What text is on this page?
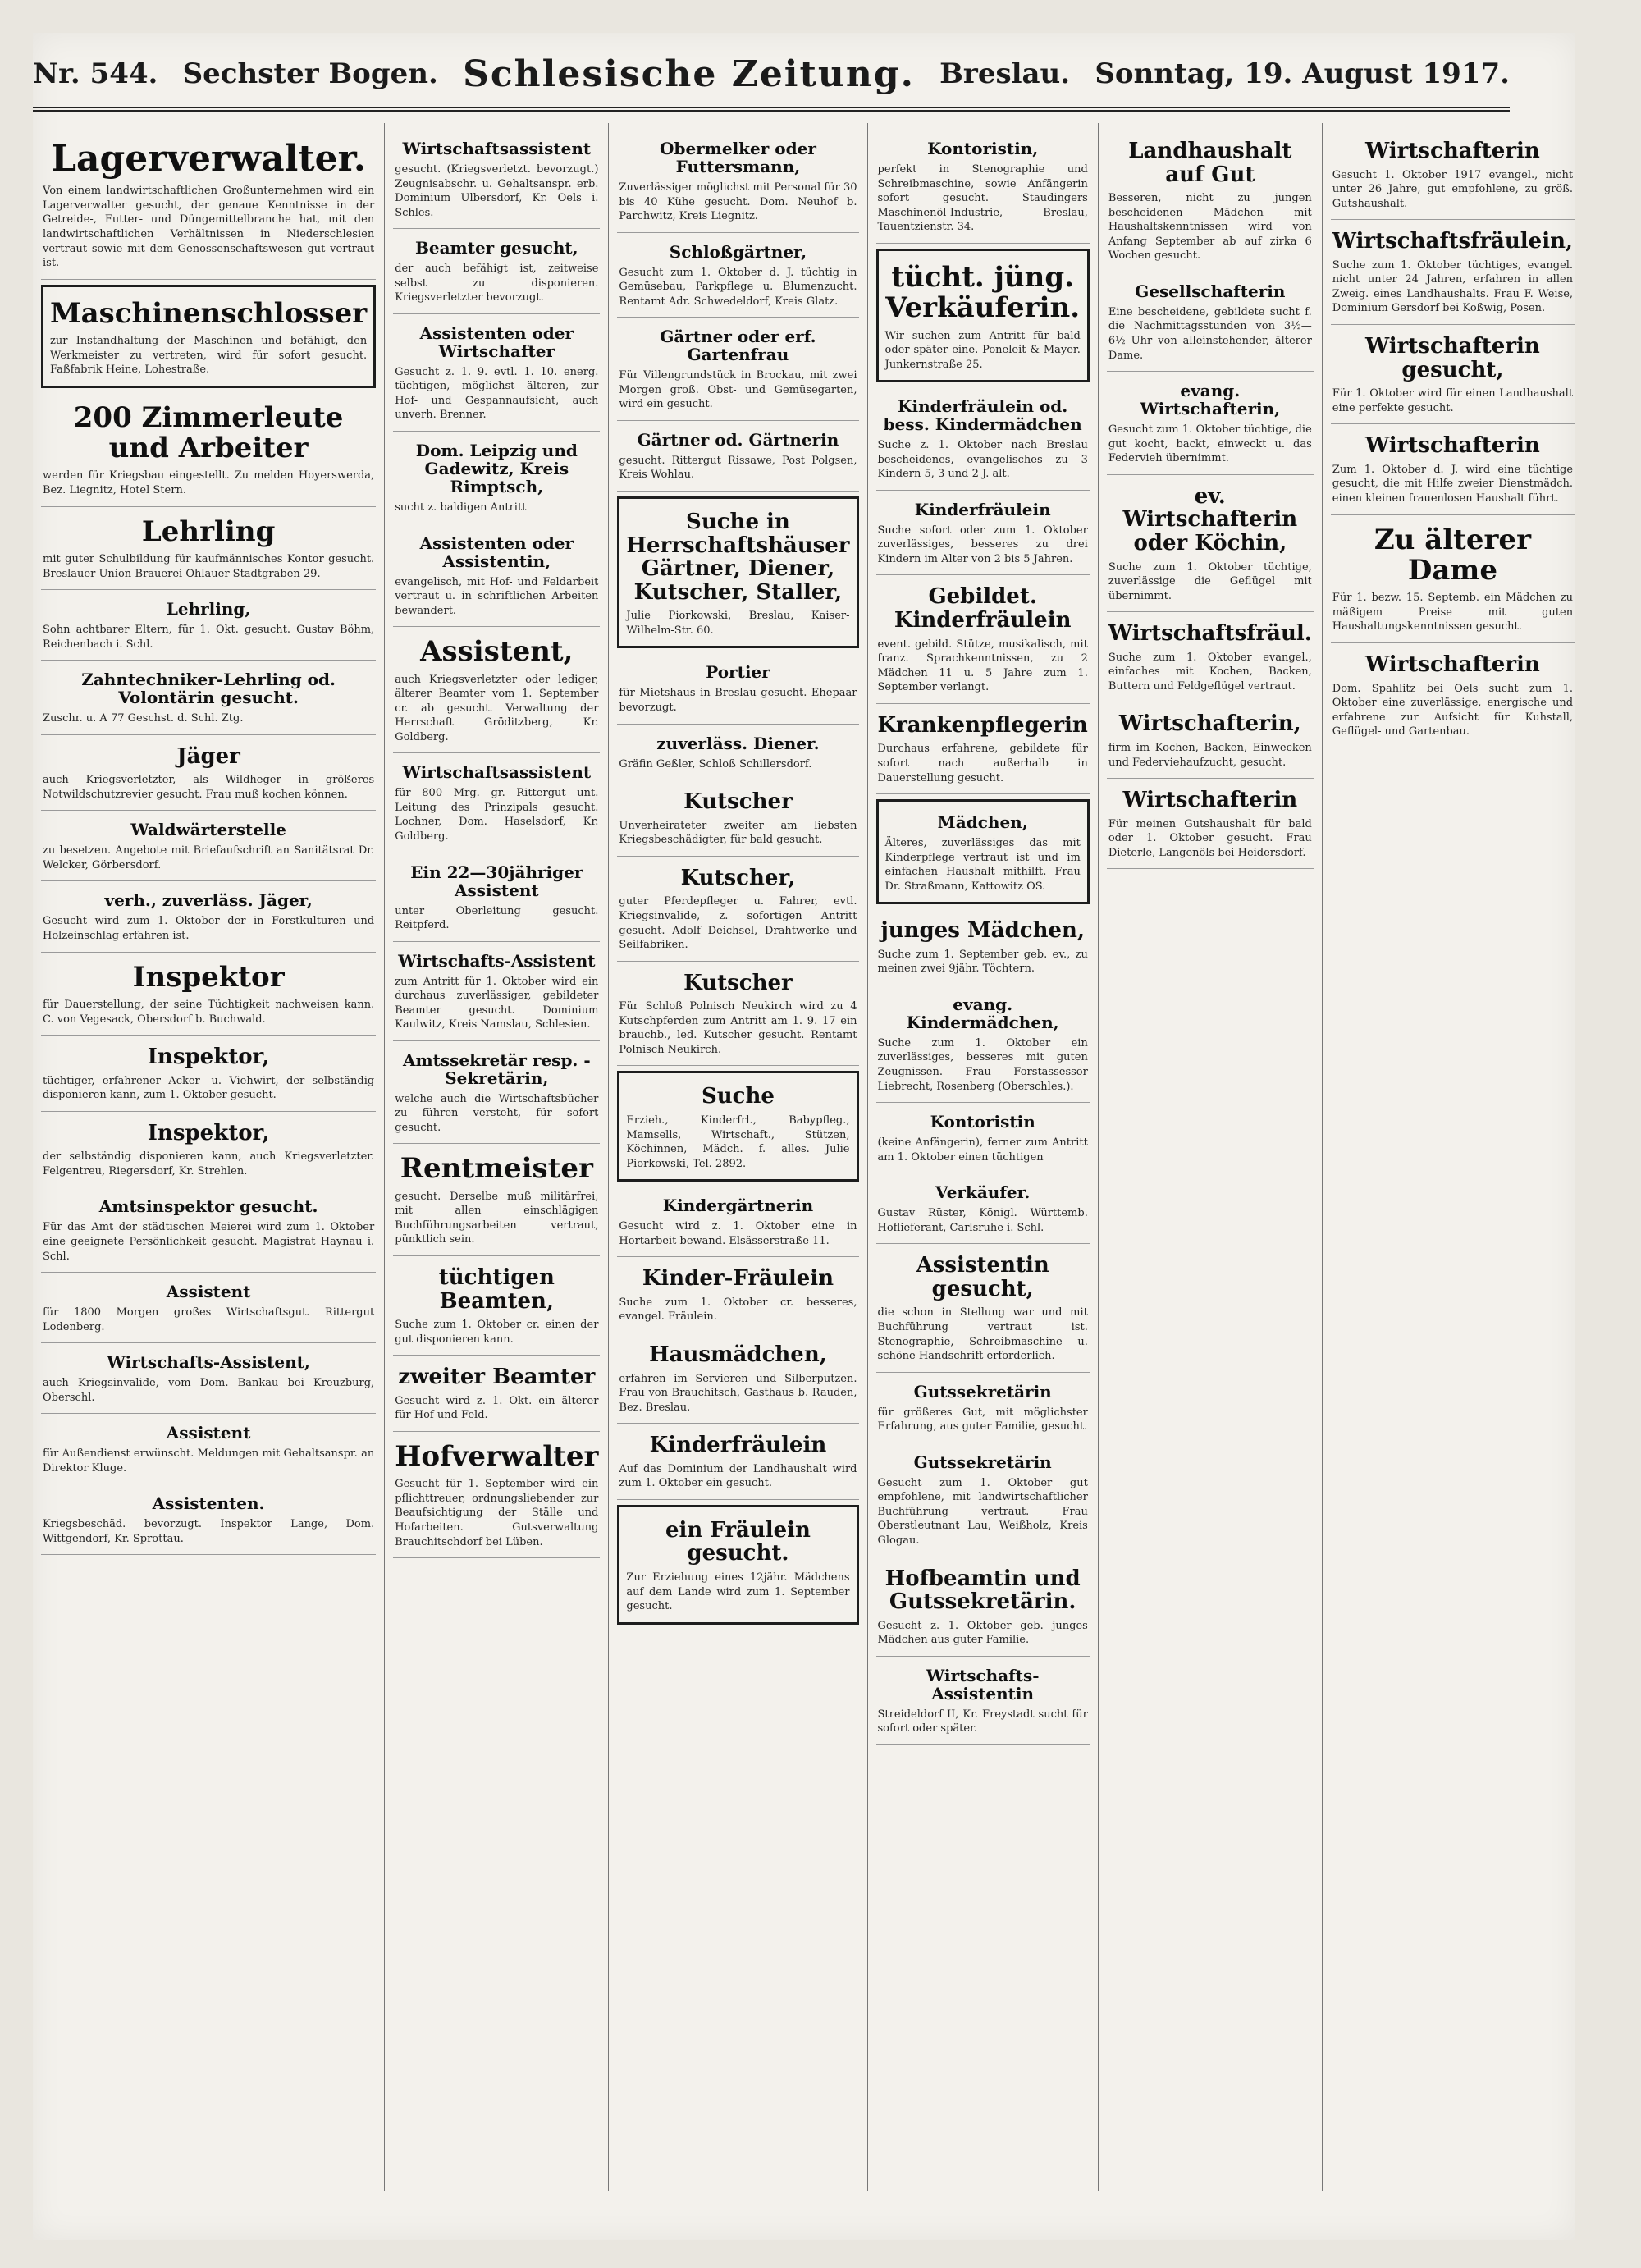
Nr. 544. Sechster Bogen. Schlesische Zeitung. Breslau. Sonntag, 19. August 1917.
Lagerverwalter.
Von einem landwirtschaftlichen Großunternehmen wird ein Lagerverwalter gesucht, der genaue Kenntnisse in der Getreide-, Futter- und Düngemittelbranche hat, mit den landwirtschaftlichen Verhältnissen in Niederschlesien vertraut sowie mit dem Genossenschaftswesen gut vertraut ist.
Maschinenschlosser
zur Instandhaltung der Maschinen und befähigt, den Werkmeister zu vertreten, wird für sofort gesucht. Faßfabrik Heine, Lohestraße.
200 Zimmerleute und Arbeiter
werden für Kriegsbau eingestellt. Zu melden Hoyerswerda, Bez. Liegnitz, Hotel Stern.
Lehrling
mit guter Schulbildung für kaufmännisches Kontor gesucht. Breslauer Union-Brauerei Ohlauer Stadtgraben 29.
Lehrling,
Sohn achtbarer Eltern, für 1. Okt. gesucht. Gustav Böhm, Reichenbach i. Schl.
Zahntechniker-Lehrling od. Volontärin gesucht.
Zuschr. u. A 77 Geschst. d. Schl. Ztg.
Jäger
auch Kriegsverletzter, als Wildheger in größeres Notwildschutzrevier gesucht. Frau muß kochen können.
Waldwärterstelle
zu besetzen. Angebote mit Briefaufschrift an Sanitätsrat Dr. Welcker, Görbersdorf.
verh., zuverläss. Jäger,
Gesucht wird zum 1. Oktober der in Forstkulturen und Holzeinschlag erfahren ist.
Inspektor
für Dauerstellung, der seine Tüchtigkeit nachweisen kann. C. von Vegesack, Obersdorf b. Buchwald.
Inspektor,
tüchtiger, erfahrener Acker- u. Viehwirt, der selbständig disponieren kann, zum 1. Oktober gesucht.
Inspektor,
der selbständig disponieren kann, auch Kriegsverletzter. Felgentreu, Riegersdorf, Kr. Strehlen.
Amtsinspektor gesucht.
Für das Amt der städtischen Meierei wird zum 1. Oktober eine geeignete Persönlichkeit gesucht. Magistrat Haynau i. Schl.
Assistent
für 1800 Morgen großes Wirtschaftsgut. Rittergut Lodenberg.
Wirtschafts-Assistent,
auch Kriegsinvalide, vom Dom. Bankau bei Kreuzburg, Oberschl.
Assistent
für Außendienst erwünscht. Meldungen mit Gehaltsanspr. an Direktor Kluge.
Assistenten.
Kriegsbeschäd. bevorzugt. Inspektor Lange, Dom. Wittgendorf, Kr. Sprottau.
Wirtschaftsassistent
gesucht. (Kriegsverletzt. bevorzugt.) Zeugnisabschr. u. Gehaltsanspr. erb. Dominium Ulbersdorf, Kr. Oels i. Schles.
Beamter gesucht,
der auch befähigt ist, zeitweise selbst zu disponieren. Kriegsverletzter bevorzugt.
Assistenten oder Wirtschafter
Gesucht z. 1. 9. evtl. 1. 10. energ. tüchtigen, möglichst älteren, zur Hof- und Gespannaufsicht, auch unverh. Brenner.
Dom. Leipzig und Gadewitz, Kreis Rimptsch,
sucht z. baldigen Antritt
Assistenten oder Assistentin,
evangelisch, mit Hof- und Feldarbeit vertraut u. in schriftlichen Arbeiten bewandert.
Assistent,
auch Kriegsverletzter oder lediger, älterer Beamter vom 1. September cr. ab gesucht. Verwaltung der Herrschaft Gröditzberg, Kr. Goldberg.
Wirtschaftsassistent
für 800 Mrg. gr. Rittergut unt. Leitung des Prinzipals gesucht. Lochner, Dom. Haselsdorf, Kr. Goldberg.
Ein 22—30jähriger Assistent
unter Oberleitung gesucht. Reitpferd.
Wirtschafts-Assistent
zum Antritt für 1. Oktober wird ein durchaus zuverlässiger, gebildeter Beamter gesucht. Dominium Kaulwitz, Kreis Namslau, Schlesien.
Amtssekretär resp. -Sekretärin,
welche auch die Wirtschaftsbücher zu führen versteht, für sofort gesucht.
Rentmeister
gesucht. Derselbe muß militärfrei, mit allen einschlägigen Buchführungsarbeiten vertraut, pünktlich sein.
tüchtigen Beamten,
Suche zum 1. Oktober cr. einen der gut disponieren kann.
zweiter Beamter
Gesucht wird z. 1. Okt. ein älterer für Hof und Feld.
Hofverwalter
Gesucht für 1. September wird ein pflichttreuer, ordnungsliebender zur Beaufsichtigung der Ställe und Hofarbeiten. Gutsverwaltung Brauchitschdorf bei Lüben.
Obermelker oder Futtersmann,
Zuverlässiger möglichst mit Personal für 30 bis 40 Kühe gesucht. Dom. Neuhof b. Parchwitz, Kreis Liegnitz.
Schloßgärtner,
Gesucht zum 1. Oktober d. J. tüchtig in Gemüsebau, Parkpflege u. Blumenzucht. Rentamt Adr. Schwedeldorf, Kreis Glatz.
Gärtner oder erf. Gartenfrau
Für Villengrundstück in Brockau, mit zwei Morgen groß. Obst- und Gemüsegarten, wird ein gesucht.
Gärtner od. Gärtnerin
gesucht. Rittergut Rissawe, Post Polgsen, Kreis Wohlau.
Suche in Herrschaftshäuser Gärtner, Diener, Kutscher, Staller,
Julie Piorkowski, Breslau, Kaiser-Wilhelm-Str. 60.
Portier
für Mietshaus in Breslau gesucht. Ehepaar bevorzugt.
zuverläss. Diener.
Gräfin Geßler, Schloß Schillersdorf.
Kutscher
Unverheirateter zweiter am liebsten Kriegsbeschädigter, für bald gesucht.
Kutscher,
guter Pferdepfleger u. Fahrer, evtl. Kriegsinvalide, z. sofortigen Antritt gesucht. Adolf Deichsel, Drahtwerke und Seilfabriken.
Kutscher
Für Schloß Polnisch Neukirch wird zu 4 Kutschpferden zum Antritt am 1. 9. 17 ein brauchb., led. Kutscher gesucht. Rentamt Polnisch Neukirch.
Suche
Erzieh., Kinderfrl., Babypfleg., Mamsells, Wirtschaft., Stützen, Köchinnen, Mädch. f. alles. Julie Piorkowski, Tel. 2892.
Kindergärtnerin
Gesucht wird z. 1. Oktober eine in Hortarbeit bewand. Elsässerstraße 11.
Kinder-Fräulein
Suche zum 1. Oktober cr. besseres, evangel. Fräulein.
Hausmädchen,
erfahren im Servieren und Silberputzen. Frau von Brauchitsch, Gasthaus b. Rauden, Bez. Breslau.
Kinderfräulein
Auf das Dominium der Landhaushalt wird zum 1. Oktober ein gesucht.
ein Fräulein gesucht.
Zur Erziehung eines 12jähr. Mädchens auf dem Lande wird zum 1. September gesucht.
Kontoristin,
perfekt in Stenographie und Schreibmaschine, sowie Anfängerin sofort gesucht. Staudingers Maschinenöl-Industrie, Breslau, Tauentzienstr. 34.
tücht. jüng. Verkäuferin.
Wir suchen zum Antritt für bald oder später eine. Poneleit & Mayer. Junkernstraße 25.
Kinderfräulein od. bess. Kindermädchen
Suche z. 1. Oktober nach Breslau bescheidenes, evangelisches zu 3 Kindern 5, 3 und 2 J. alt.
Kinderfräulein
Suche sofort oder zum 1. Oktober zuverlässiges, besseres zu drei Kindern im Alter von 2 bis 5 Jahren.
Gebildet. Kinderfräulein
event. gebild. Stütze, musikalisch, mit franz. Sprachkenntnissen, zu 2 Mädchen 11 u. 5 Jahre zum 1. September verlangt.
Krankenpflegerin
Durchaus erfahrene, gebildete für sofort nach außerhalb in Dauerstellung gesucht.
Mädchen,
Älteres, zuverlässiges das mit Kinderpflege vertraut ist und im einfachen Haushalt mithilft. Frau Dr. Straßmann, Kattowitz OS.
junges Mädchen,
Suche zum 1. September geb. ev., zu meinen zwei 9jähr. Töchtern.
evang. Kindermädchen,
Suche zum 1. Oktober ein zuverlässiges, besseres mit guten Zeugnissen. Frau Forstassessor Liebrecht, Rosenberg (Oberschles.).
Kontoristin
(keine Anfängerin), ferner zum Antritt am 1. Oktober einen tüchtigen
Verkäufer.
Gustav Rüster, Königl. Württemb. Hoflieferant, Carlsruhe i. Schl.
Assistentin gesucht,
die schon in Stellung war und mit Buchführung vertraut ist. Stenographie, Schreibmaschine u. schöne Handschrift erforderlich.
Gutssekretärin
für größeres Gut, mit möglichster Erfahrung, aus guter Familie, gesucht.
Gutssekretärin
Gesucht zum 1. Oktober gut empfohlene, mit landwirtschaftlicher Buchführung vertraut. Frau Oberstleutnant Lau, Weißholz, Kreis Glogau.
Hofbeamtin und Gutssekretärin.
Gesucht z. 1. Oktober geb. junges Mädchen aus guter Familie.
Wirtschafts-Assistentin
Streideldorf II, Kr. Freystadt sucht für sofort oder später.
Landhaushalt auf Gut
Besseren, nicht zu jungen bescheidenen Mädchen mit Haushaltskenntnissen wird von Anfang September ab auf zirka 6 Wochen gesucht.
Gesellschafterin
Eine bescheidene, gebildete sucht f. die Nachmittagsstunden von 3½—6½ Uhr von alleinstehender, älterer Dame.
evang. Wirtschafterin,
Gesucht zum 1. Oktober tüchtige, die gut kocht, backt, einweckt u. das Federvieh übernimmt.
ev. Wirtschafterin oder Köchin,
Suche zum 1. Oktober tüchtige, zuverlässige die Geflügel mit übernimmt.
Wirtschaftsfräul.
Suche zum 1. Oktober evangel., einfaches mit Kochen, Backen, Buttern und Feldgeflügel vertraut.
Wirtschafterin,
firm im Kochen, Backen, Einwecken und Federviehaufzucht, gesucht.
Wirtschafterin
Für meinen Gutshaushalt für bald oder 1. Oktober gesucht. Frau Dieterle, Langenöls bei Heidersdorf.
Wirtschafterin
Gesucht 1. Oktober 1917 evangel., nicht unter 26 Jahre, gut empfohlene, zu größ. Gutshaushalt.
Wirtschaftsfräulein,
Suche zum 1. Oktober tüchtiges, evangel. nicht unter 24 Jahren, erfahren in allen Zweig. eines Landhaushalts. Frau F. Weise, Dominium Gersdorf bei Koßwig, Posen.
Wirtschafterin gesucht,
Für 1. Oktober wird für einen Landhaushalt eine perfekte gesucht.
Wirtschafterin
Zum 1. Oktober d. J. wird eine tüchtige gesucht, die mit Hilfe zweier Dienstmädch. einen kleinen frauenlosen Haushalt führt.
Zu älterer Dame
Für 1. bezw. 15. Septemb. ein Mädchen zu mäßigem Preise mit guten Haushaltungskenntnissen gesucht.
Wirtschafterin
Dom. Spahlitz bei Oels sucht zum 1. Oktober eine zuverlässige, energische und erfahrene zur Aufsicht für Kuhstall, Geflügel- und Gartenbau.
